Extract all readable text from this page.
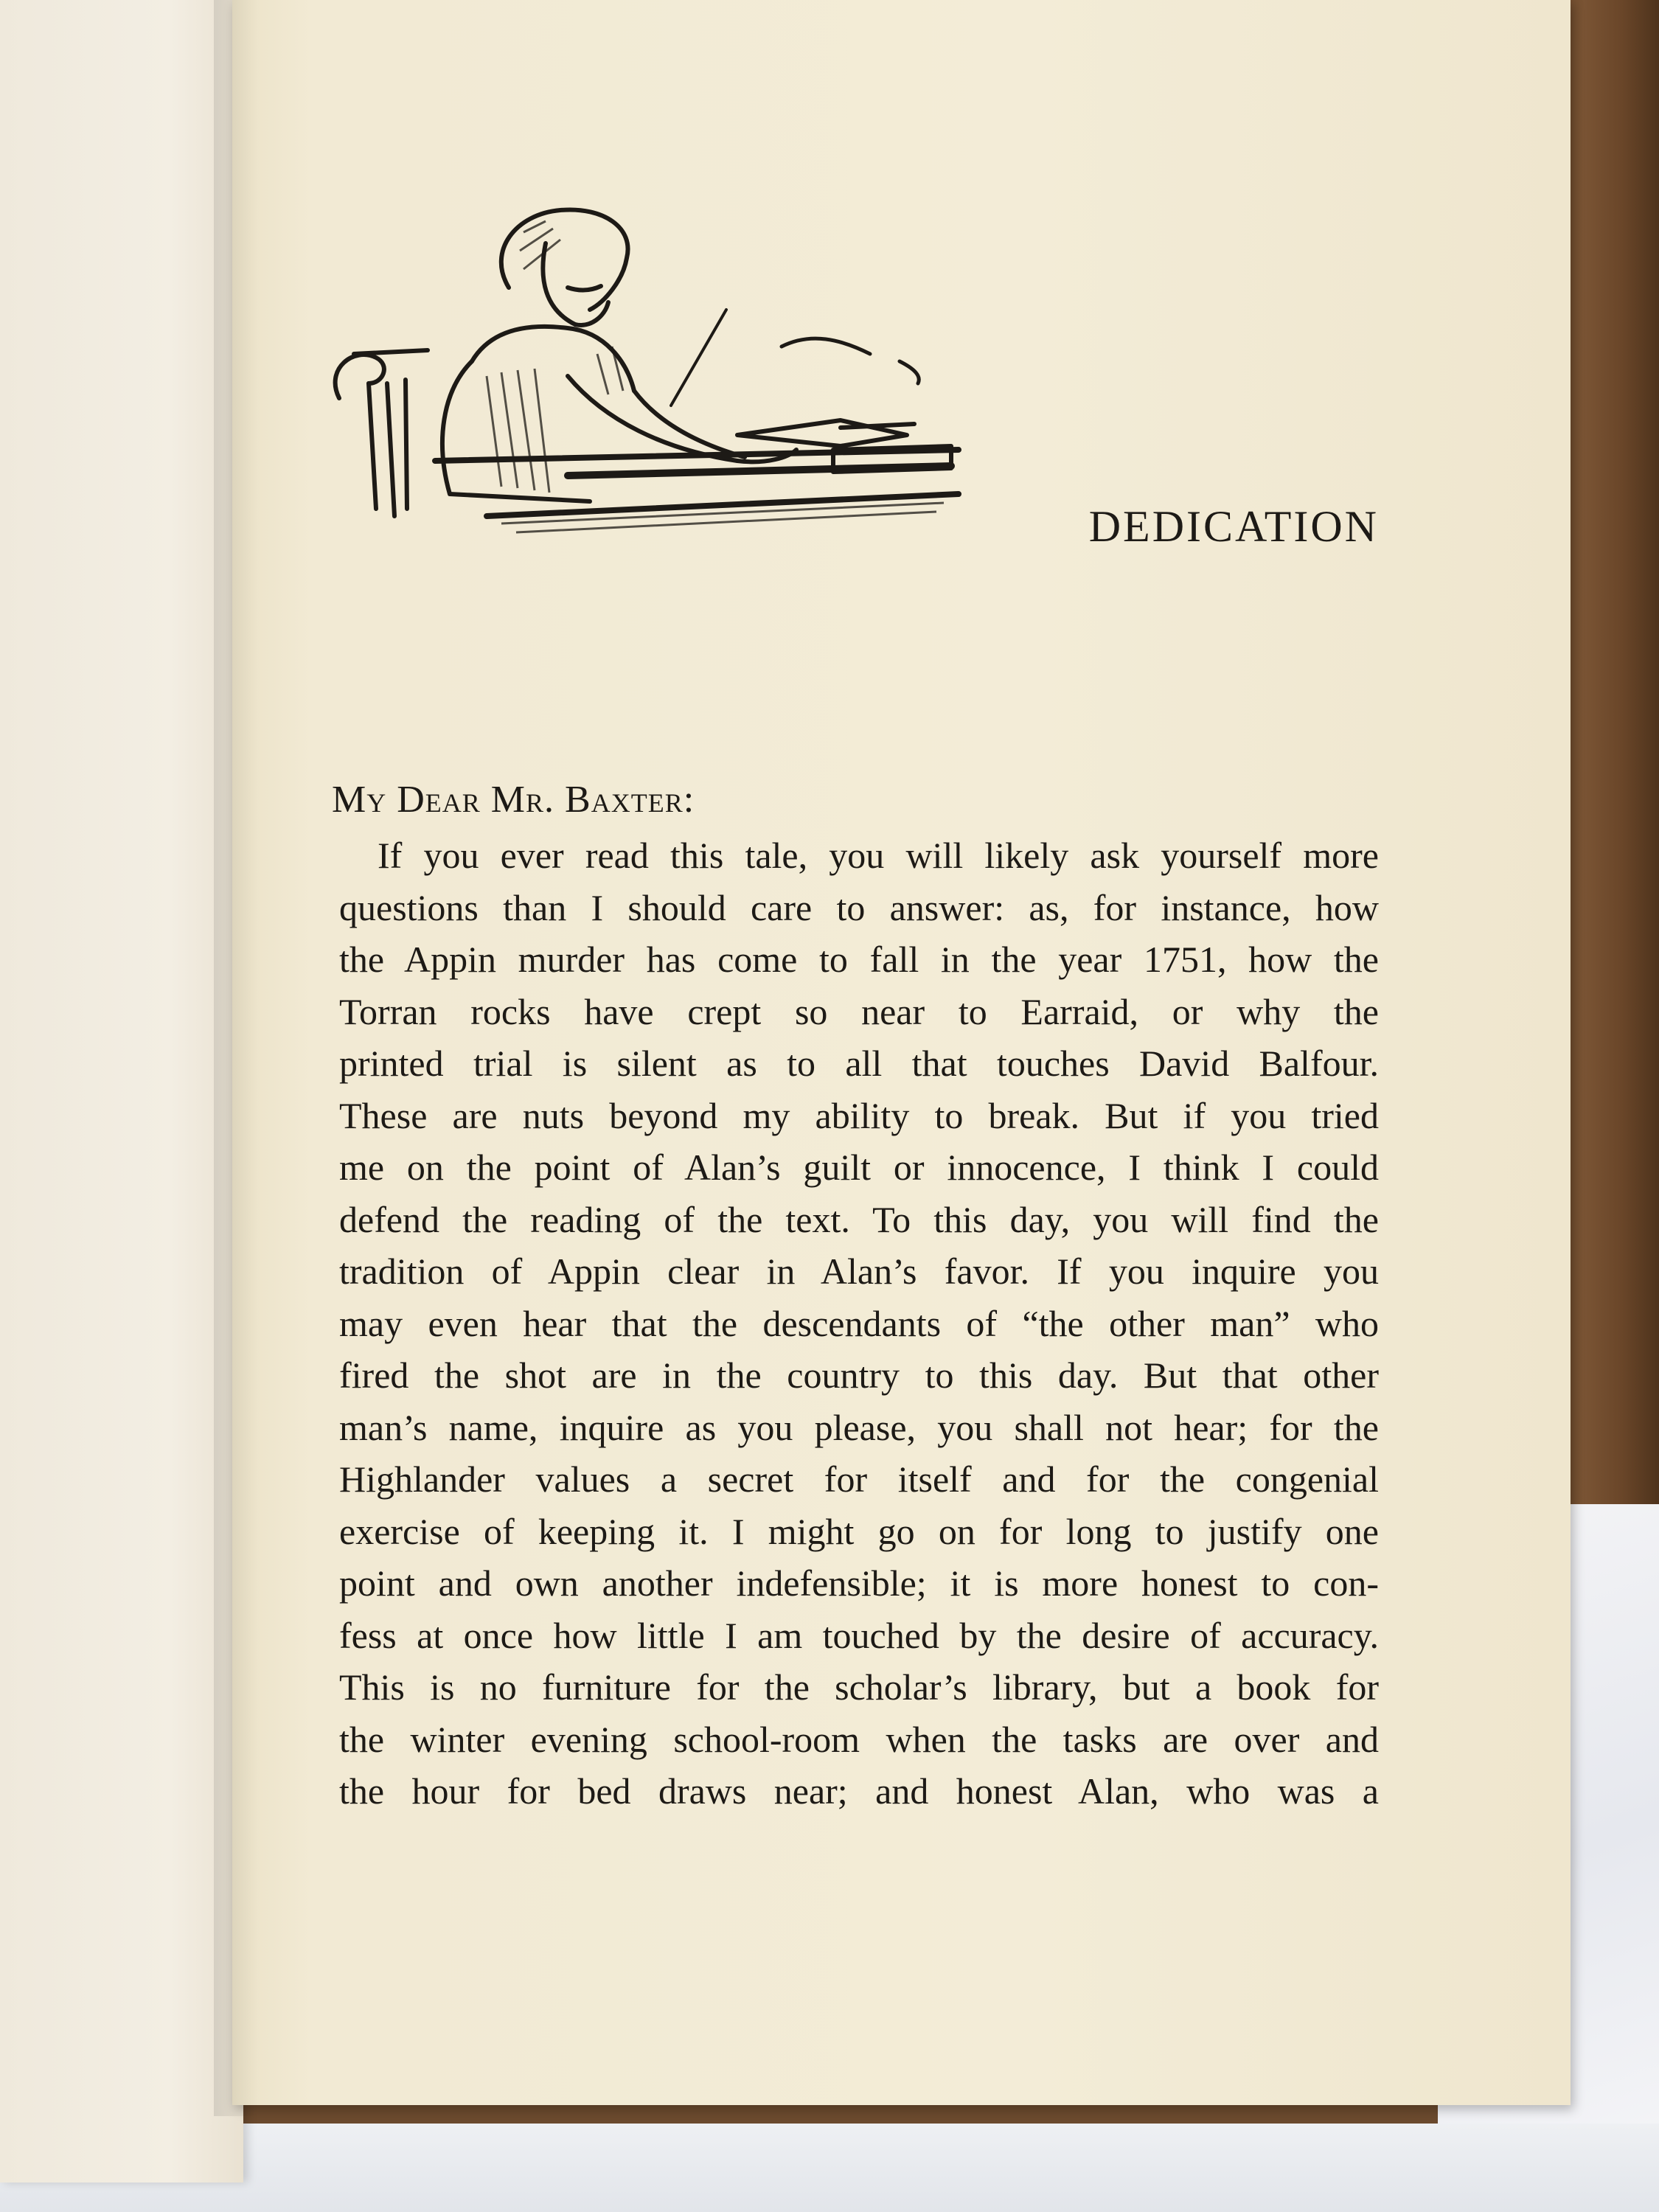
DEDICATION
My Dear Mr. Baxter:
If you ever read this tale, you will likely ask yourself more
questions than I should care to answer: as, for instance, how
the Appin murder has come to fall in the year 1751, how the
Torran rocks have crept so near to Earraid, or why the
printed trial is silent as to all that touches David Balfour.
These are nuts beyond my ability to break. But if you tried
me on the point of Alan’s guilt or innocence, I think I could
defend the reading of the text. To this day, you will find the
tradition of Appin clear in Alan’s favor. If you inquire you
may even hear that the descendants of “the other man” who
fired the shot are in the country to this day. But that other
man’s name, inquire as you please, you shall not hear; for the
Highlander values a secret for itself and for the congenial
exercise of keeping it. I might go on for long to justify one
point and own another indefensible; it is more honest to con-
fess at once how little I am touched by the desire of accuracy.
This is no furniture for the scholar’s library, but a book for
the winter evening school-room when the tasks are over and
the hour for bed draws near; and honest Alan, who was a
